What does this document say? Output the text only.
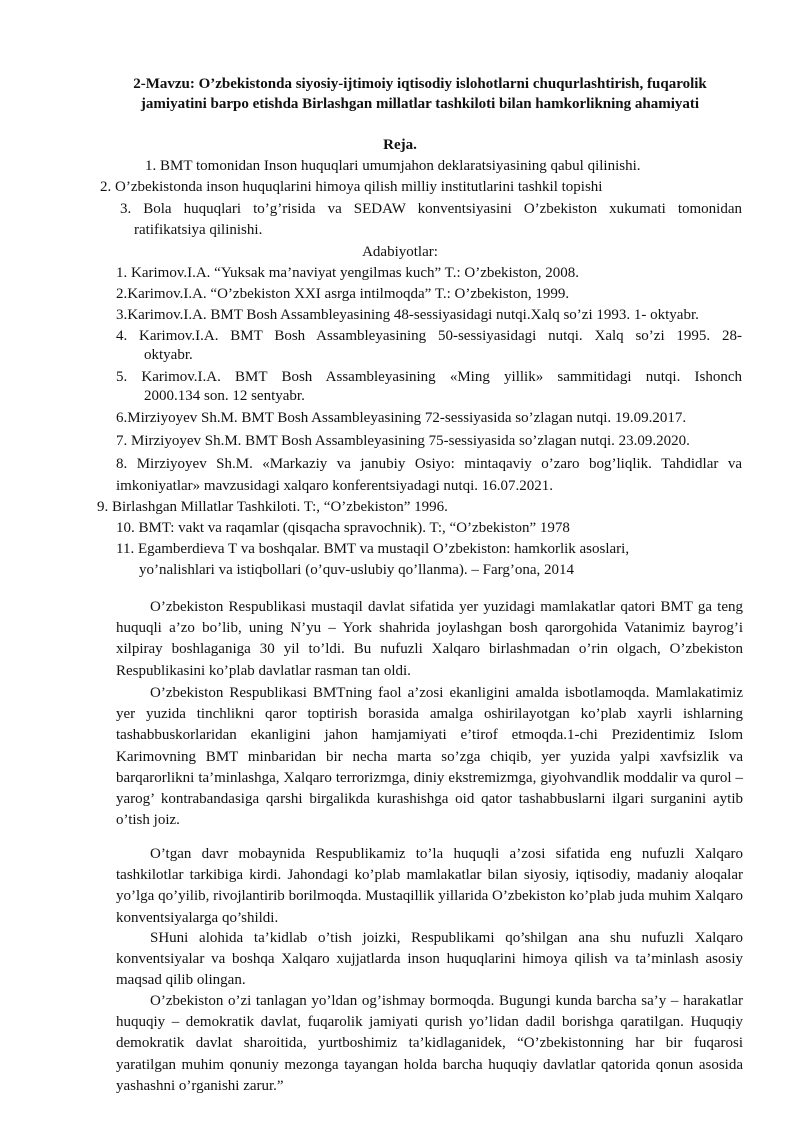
2-Mavzu: O’zbekistonda siyosiy-ijtimoiy iqtisodiy islohotlarni chuqurlashtirish, fuqarolik jamiyatini barpo etishda Birlashgan millatlar tashkiloti bilan hamkorlikning ahamiyati
Reja.
1. BMT tomonidan Inson huquqlari umumjahon deklaratsiyasining qabul qilinishi.
2. O’zbekistonda inson huquqlarini himoya qilish milliy institutlarini tashkil topishi
3. Bola huquqlari to’g’risida va SEDAW konventsiyasini O’zbekiston xukumati tomonidan
ratifikatsiya qilinishi.
Adabiyotlar:
1. Karimov.I.A. “Yuksak ma’naviyat yengilmas kuch” T.: O’zbekiston, 2008.
2.Karimov.I.A. “O’zbekiston XXI asrga intilmoqda” T.: O’zbekiston, 1999.
3.Karimov.I.A. BMT Bosh Assambleyasining 48-sessiyasidagi nutqi.Xalq so’zi 1993. 1- oktyabr.
4. Karimov.I.A. BMT Bosh Assambleyasining 50-sessiyasidagi nutqi. Xalq so’zi 1995. 28-
oktyabr.
5. Karimov.I.A. BMT Bosh Assambleyasining «Ming yillik» sammitidagi nutqi. Ishonch
2000.134 son. 12 sentyabr.
6.Mirziyoyev Sh.M. BMT Bosh Assambleyasining 72-sessiyasida so’zlagan nutqi. 19.09.2017.
7. Mirziyoyev Sh.M. BMT Bosh Assambleyasining 75-sessiyasida so’zlagan nutqi. 23.09.2020.
8. Mirziyoyev Sh.M. «Markaziy va janubiy Osiyo: mintaqaviy o’zaro bog’liqlik. Tahdidlar va
imkoniyatlar» mavzusidagi xalqaro konferentsiyadagi nutqi. 16.07.2021.
9. Birlashgan Millatlar Tashkiloti. T:, “O’zbekiston” 1996.
10. BMT: vakt va raqamlar (qisqacha spravochnik). T:, “O’zbekiston” 1978
11. Egamberdieva T va boshqalar. BMT va mustaqil O’zbekiston: hamkorlik asoslari,
yo’nalishlari va istiqbollari (o’quv-uslubiy qo’llanma). – Farg’ona, 2014

O’zbekiston Respublikasi mustaqil davlat sifatida yer yuzidagi mamlakatlar qatori BMT ga teng huquqli a’zo bo’lib, uning N’yu – York shahrida joylashgan bosh qarorgohida Vatanimiz bayrog’i xilpiray boshlaganiga 30 yil to’ldi. Bu nufuzli Xalqaro birlashmadan o’rin olgach, O’zbekiston Respublikasini ko’plab davlatlar rasman tan oldi.

O’zbekiston Respublikasi BMTning faol a’zosi ekanligini amalda isbotlamoqda. Mamlakatimiz yer yuzida tinchlikni qaror toptirish borasida amalga oshirilayotgan ko’plab xayrli ishlarning tashabbuskorlaridan ekanligini jahon hamjamiyati e’tirof etmoqda.1-chi Prezidentimiz Islom Karimovning BMT minbaridan bir necha marta so’zga chiqib, yer yuzida yalpi xavfsizlik va barqarorlikni ta’minlashga, Xalqaro terrorizmga, diniy ekstremizmga, giyohvandlik moddalir va qurol – yarog’ kontrabandasiga qarshi birgalikda kurashishga oid qator tashabbuslarni ilgari surganini aytib o’tish joiz.

O’tgan davr mobaynida Respublikamiz to’la huquqli a’zosi sifatida eng nufuzli Xalqaro tashkilotlar tarkibiga kirdi. Jahondagi ko’plab mamlakatlar bilan siyosiy, iqtisodiy, madaniy aloqalar yo’lga qo’yilib, rivojlantirib borilmoqda. Mustaqillik yillarida O’zbekiston ko’plab juda muhim Xalqaro konventsiyalarga qo’shildi.

SHuni alohida ta’kidlab o’tish joizki, Respublikami qo’shilgan ana shu nufuzli Xalqaro konventsiyalar va boshqa Xalqaro xujjatlarda inson huquqlarini himoya qilish va ta’minlash asosiy maqsad qilib olingan.

O’zbekiston o’zi tanlagan yo’ldan og’ishmay bormoqda. Bugungi kunda barcha sa’y – harakatlar huquqiy – demokratik davlat, fuqarolik jamiyati qurish yo’lidan dadil borishga qaratilgan. Huquqiy demokratik davlat sharoitida, yurtboshimiz ta’kidlaganidek, “O’zbekistonning har bir fuqarosi yaratilgan muhim qonuniy mezonga tayangan holda barcha huquqiy davlatlar qatorida qonun asosida yashashni o’rganishi zarur.”
